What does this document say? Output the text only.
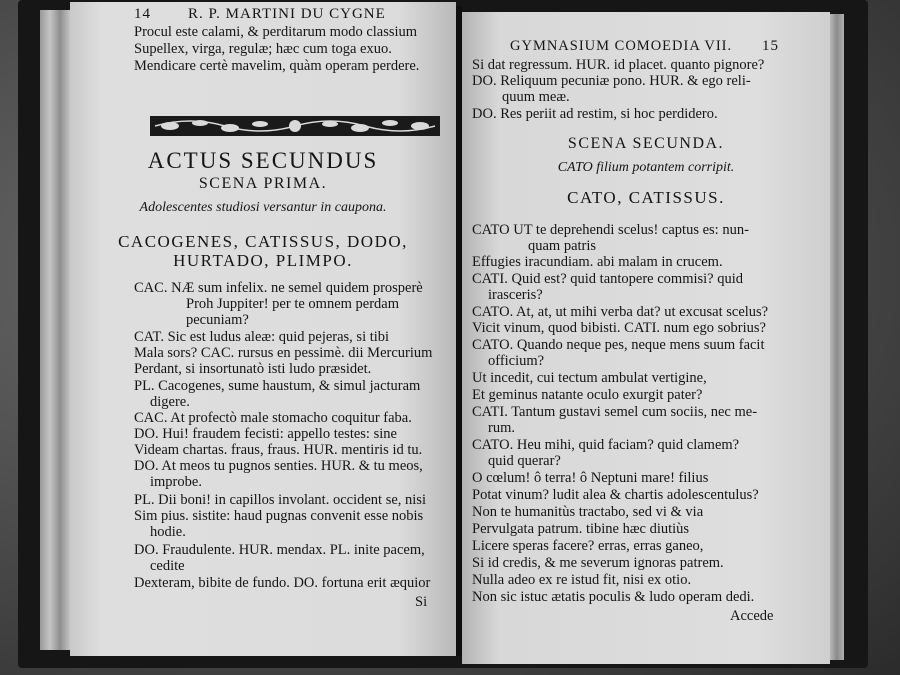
14 R. P. MARTINI DU CYGNE
Procul este calami, & perditarum modo classium
Supellex, virga, regulæ; hæc cum toga exuo.
Mendicare certè mavelim, quàm operam perdere.
ACTUS SECUNDUS
SCENA PRIMA.
Adolescentes studiosi versantur in caupona.
CACOGENES, CATISSUS, DODO,
HURTADO, PLIMPO.
CAC. NÆ sum infelix. ne semel quidem prosperè
Proh Juppiter! per te omnem perdam
pecuniam?
CAT. Sic est ludus aleæ: quid pejeras, si tibi
Mala sors? CAC. rursus en pessimè. dii Mercurium
Perdant, si insortunatò isti ludo præsidet.
PL. Cacogenes, sume haustum, & simul jacturam
digere.
CAC. At profectò male stomacho coquitur faba.
DO. Hui! fraudem fecisti: appello testes: sine
Videam chartas. fraus, fraus. HUR. mentiris id tu.
DO. At meos tu pugnos senties. HUR. & tu meos,
improbe.
PL. Dii boni! in capillos involant. occident se, nisi
Sim pius. sistite: haud pugnas convenit esse nobis
hodie.
DO. Fraudulente. HUR. mendax. PL. inite pacem,
cedite
Dexteram, bibite de fundo. DO. fortuna erit æquior
Si
GYMNASIUM COMOEDIA VII. 15
Si dat regressum. HUR. id placet. quanto pignore?
DO. Reliquum pecuniæ pono. HUR. & ego reli-
quum meæ.
DO. Res periit ad restim, si hoc perdidero.
SCENA SECUNDA.
CATO filium potantem corripit.
CATO, CATISSUS.
CATO UT te deprehendi scelus! captus es: nun-
quam patris
Effugies iracundiam. abi malam in crucem.
CATI. Quid est? quid tantopere commisi? quid
irasceris?
CATO. At, at, ut mihi verba dat? ut excusat scelus?
Vicit vinum, quod bibisti. CATI. num ego sobrius?
CATO. Quando neque pes, neque mens suum facit
officium?
Ut incedit, cui tectum ambulat vertigine,
Et geminus natante oculo exurgit pater?
CATI. Tantum gustavi semel cum sociis, nec me-
rum.
CATO. Heu mihi, quid faciam? quid clamem?
quid querar?
O cœlum! ô terra! ô Neptuni mare! filius
Potat vinum? ludit alea & chartis adolescentulus?
Non te humanitùs tractabo, sed vi & via
Pervulgata patrum. tibine hæc diutiùs
Licere speras facere? erras, erras ganeo,
Si id credis, & me severum ignoras patrem.
Nulla adeo ex re istud fit, nisi ex otio.
Non sic istuc ætatis poculis & ludo operam dedi.
Accede
